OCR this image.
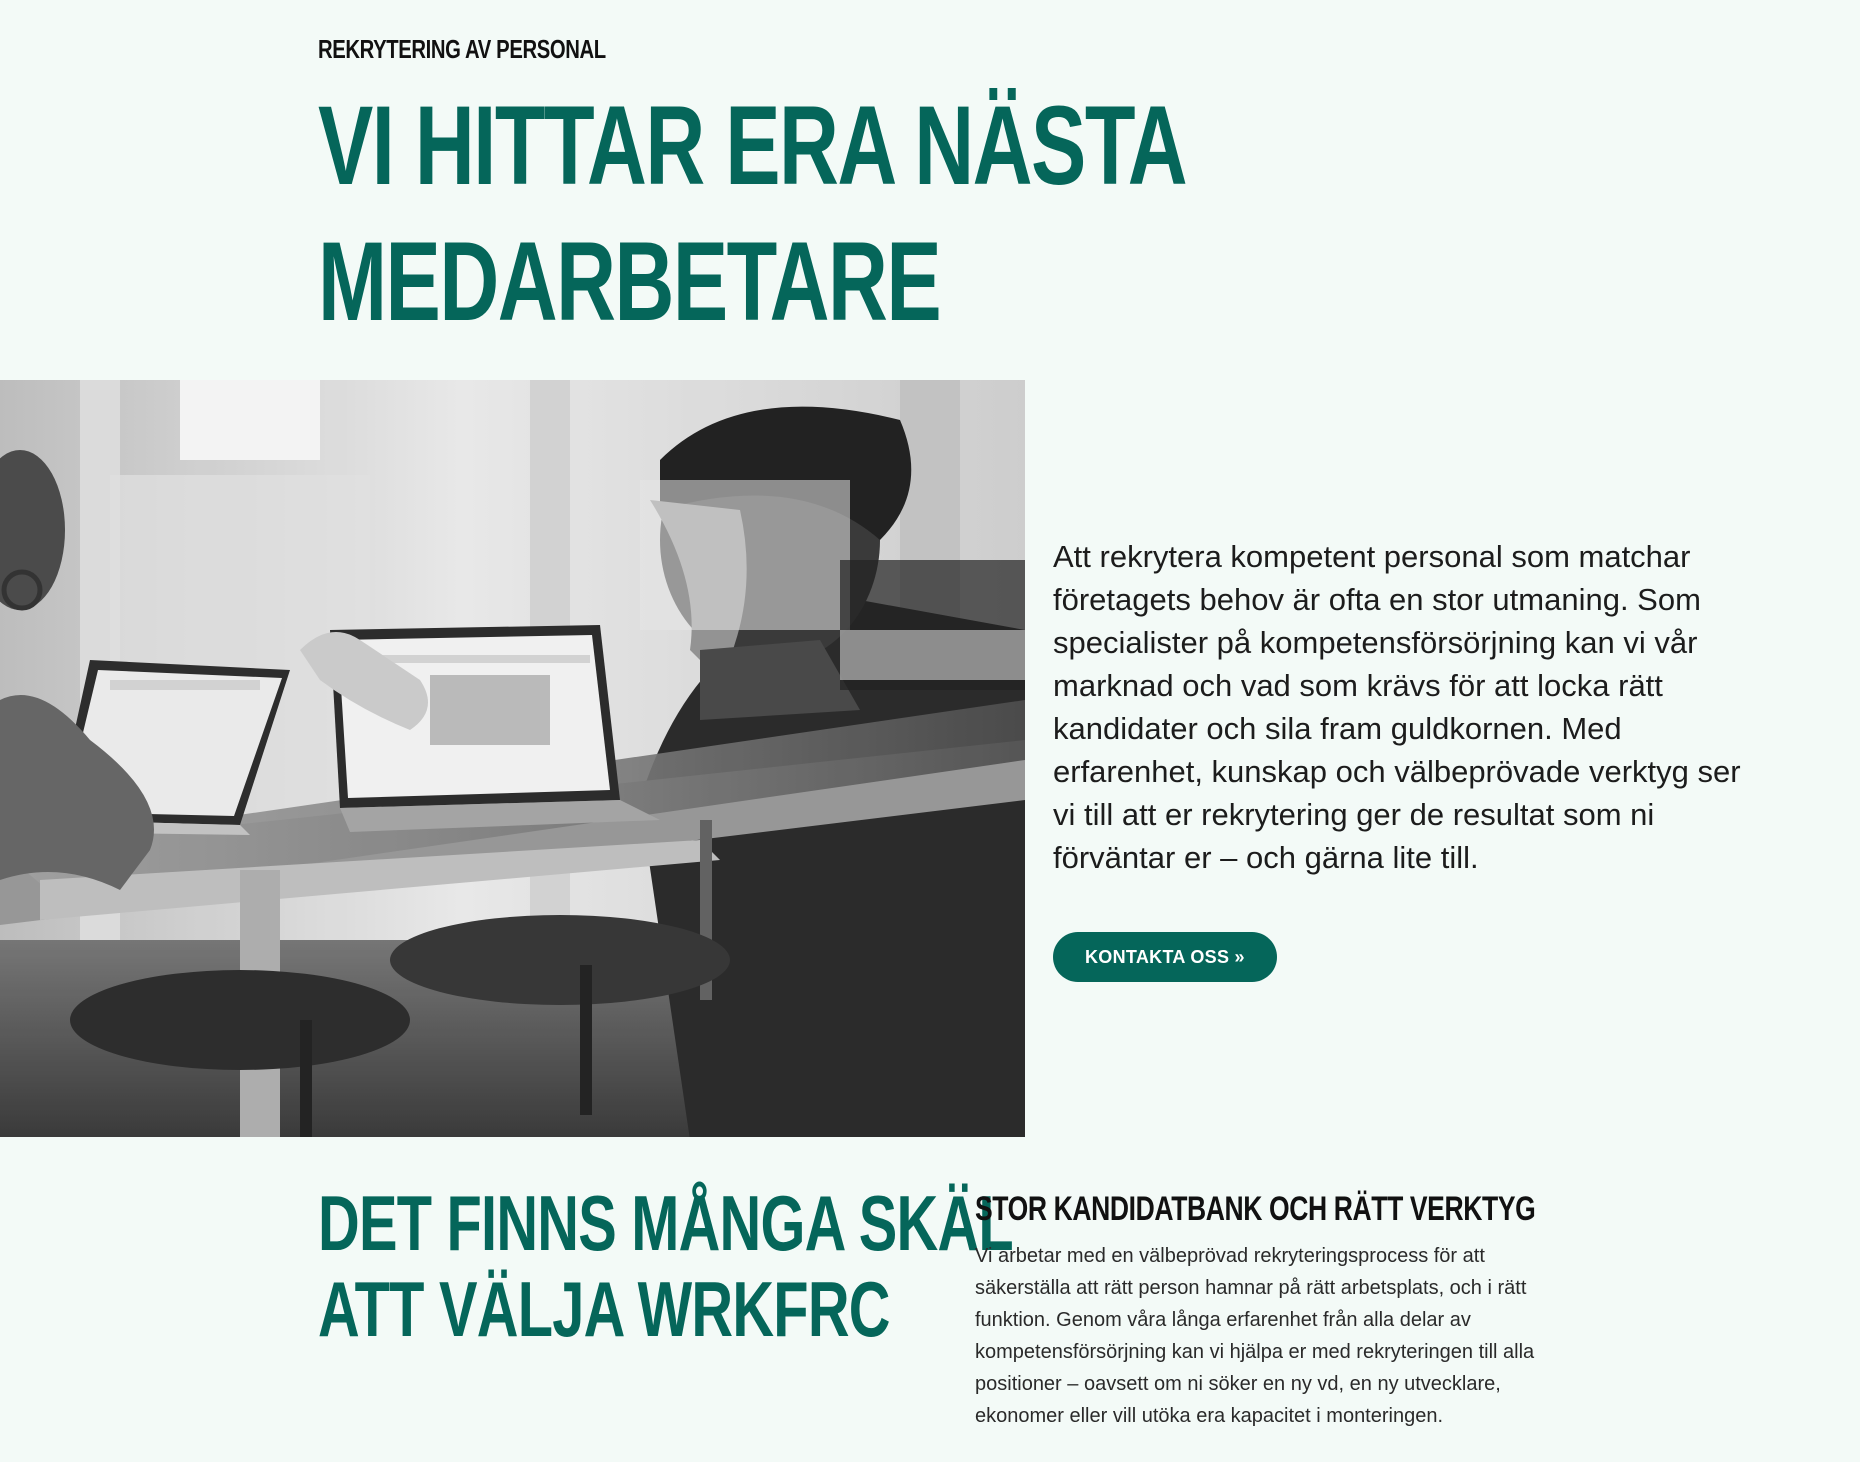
REKRYTERING AV PERSONAL
VI HITTAR ERA NÄSTA
MEDARBETARE

Att rekrytera kompetent personal som matchar företagets behov är ofta en stor utmaning. Som specialister på kompetensförsörjning kan vi vår marknad och vad som krävs för att locka rätt kandidater och sila fram guldkornen. Med erfarenhet, kunskap och välbeprövade verktyg ser vi till att er rekrytering ger de resultat som ni förväntar er – och gärna lite till.

KONTAKTA OSS »
DET FINNS MÅNGA SKÄL
ATT VÄLJA WRKFRC
STOR KANDIDATBANK OCH RÄTT VERKTYG

Vi arbetar med en välbeprövad rekryteringsprocess för att säkerställa att rätt person hamnar på rätt arbetsplats, och i rätt funktion. Genom våra långa erfarenhet från alla delar av kompetensförsörjning kan vi hjälpa er med rekryteringen till alla positioner – oavsett om ni söker en ny vd, en ny utvecklare, ekonomer eller vill utöka era kapacitet i monteringen.
